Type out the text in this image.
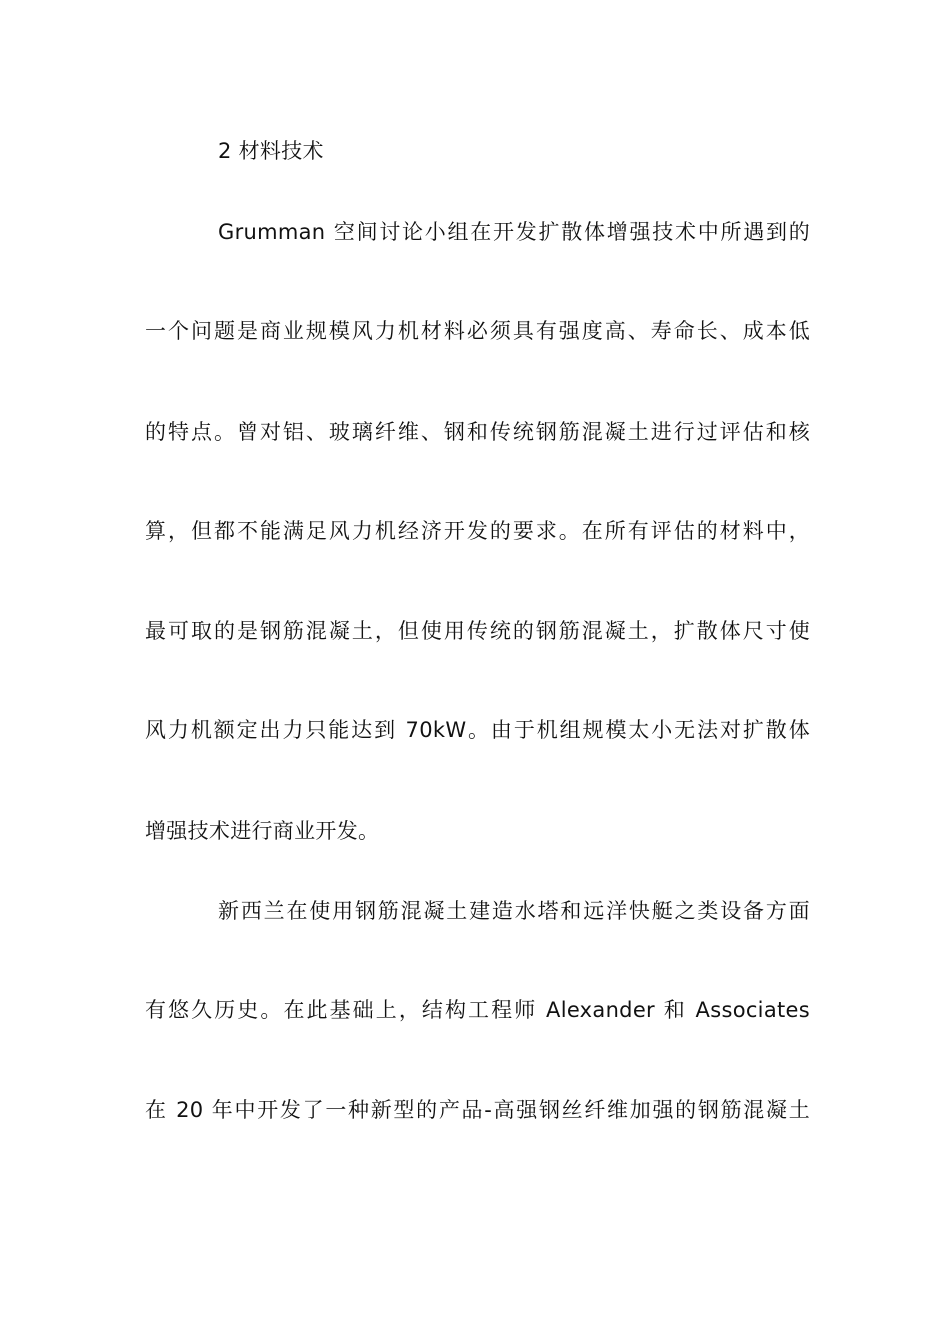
2 材料技术
Grumman 空间讨论小组在开发扩散体增强技术中所遇到的
一个问题是商业规模风力机材料必须具有强度高、寿命长、成本低
的特点。曾对铝、玻璃纤维、钢和传统钢筋混凝土进行过评估和核
算，但都不能满足风力机经济开发的要求。在所有评估的材料中，
最可取的是钢筋混凝土，但使用传统的钢筋混凝土，扩散体尺寸使
风力机额定出力只能达到 70kW。由于机组规模太小无法对扩散体
增强技术进行商业开发。
新西兰在使用钢筋混凝土建造水塔和远洋快艇之类设备方面
有悠久历史。在此基础上，结构工程师 Alexander 和 Associates
在 20 年中开发了一种新型的产品-高强钢丝纤维加强的钢筋混凝土
